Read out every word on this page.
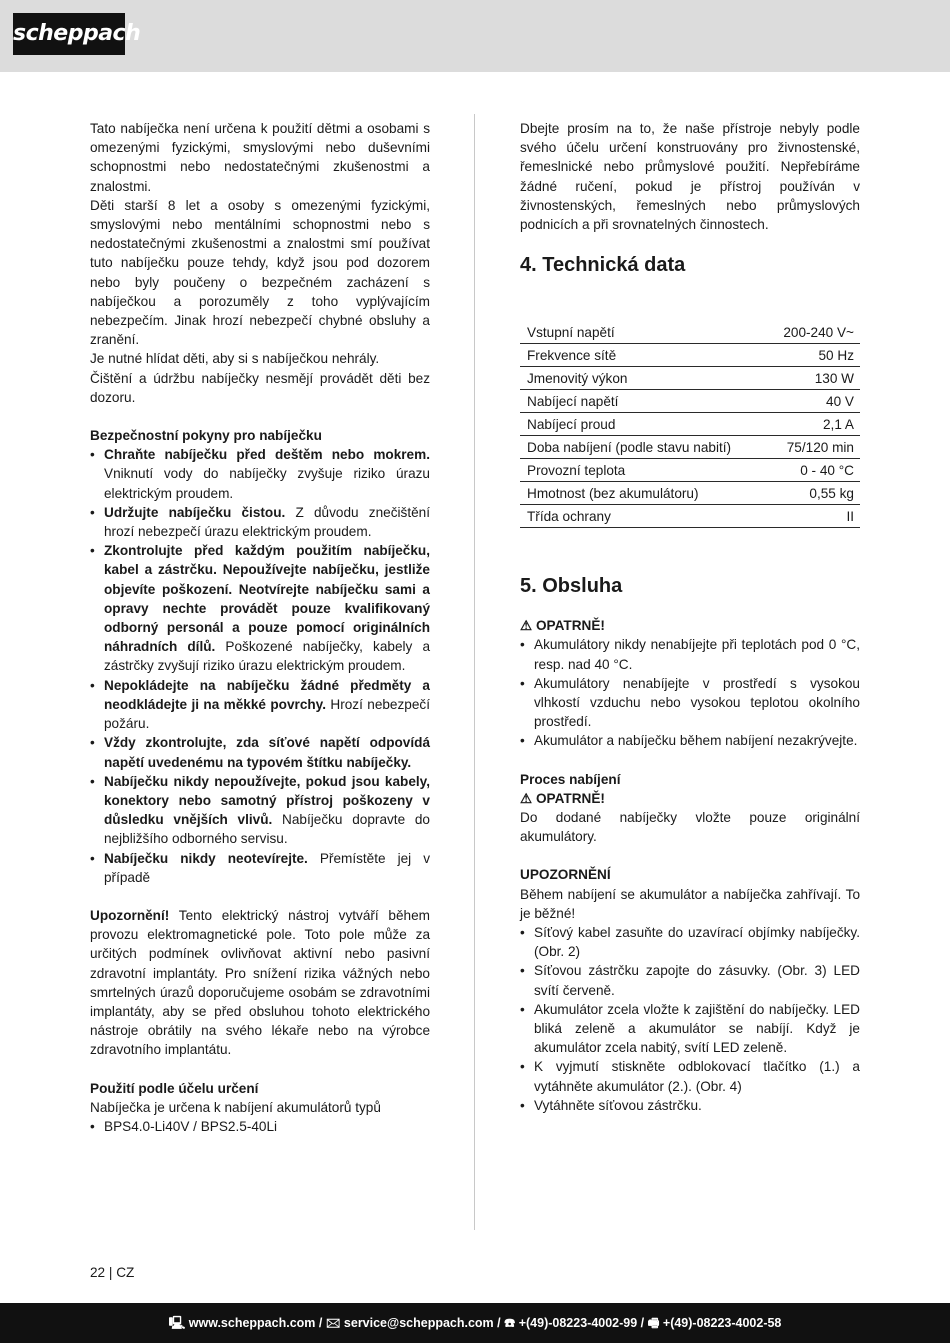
scheppach

Tato nabíječka není určena k použití dětmi a osobami s omezenými fyzickými, smyslovými nebo duševními schopnostmi nebo nedostatečnými zkušenostmi a znalostmi.

Děti starší 8 let a osoby s omezenými fyzickými, smyslovými nebo mentálními schopnostmi nebo s nedostatečnými zkušenostmi a znalostmi smí používat tuto nabíječku pouze tehdy, když jsou pod dozorem nebo byly poučeny o bezpečném zacházení s nabíječkou a porozuměly z toho vyplývajícím nebezpečím. Jinak hrozí nebezpečí chybné obsluhy a zranění.

Je nutné hlídat děti, aby si s nabíječkou nehrály.

Čištění a údržbu nabíječky nesmějí provádět děti bez dozoru.

Bezpečnostní pokyny pro nabíječku

• Chraňte nabíječku před deštěm nebo mokrem. Vniknutí vody do nabíječky zvyšuje riziko úrazu elektrickým proudem.
• Udržujte nabíječku čistou. Z důvodu znečištění hrozí nebezpečí úrazu elektrickým proudem.
• Zkontrolujte před každým použitím nabíječku, kabel a zástrčku. Nepoužívejte nabíječku, jestliže objevíte poškození. Neotvírejte nabíječku sami a opravy nechte provádět pouze kvalifikovaný odborný personál a pouze pomocí originálních náhradních dílů. Poškozené nabíječky, kabely a zástrčky zvyšují riziko úrazu elektrickým proudem.
• Nepokládejte na nabíječku žádné předměty a neodkládejte ji na měkké povrchy. Hrozí nebezpečí požáru.
• Vždy zkontrolujte, zda síťové napětí odpovídá napětí uvedenému na typovém štítku nabíječky.
• Nabíječku nikdy nepoužívejte, pokud jsou kabely, konektory nebo samotný přístroj poškozeny v důsledku vnějších vlivů. Nabíječku dopravte do nejbližšího odborného servisu.
• Nabíječku nikdy neotevírejte. Přemístěte jej v případě

Upozornění! Tento elektrický nástroj vytváří během provozu elektromagnetické pole. Toto pole může za určitých podmínek ovlivňovat aktivní nebo pasivní zdravotní implantáty. Pro snížení rizika vážných nebo smrtelných úrazů doporučujeme osobám se zdravotními implantáty, aby se před obsluhou tohoto elektrického nástroje obrátily na svého lékaře nebo na výrobce zdravotního implantátu.

Použití podle účelu určení

Nabíječka je určena k nabíjení akumulátorů typů

• BPS4.0-Li40V / BPS2.5-40Li

Dbejte prosím na to, že naše přístroje nebyly podle svého účelu určení konstruovány pro živnostenské, řemeslnické nebo průmyslové použití. Nepřebíráme žádné ručení, pokud je přístroj používán v živnostenských, řemeslných nebo průmyslových podnicích a při srovnatelných činnostech.

4. Technická data
Vstupní napětí	200-240 V~
Frekvence sítě	50 Hz
Jmenovitý výkon	130 W
Nabíjecí napětí	40 V
Nabíjecí proud	2,1 A
Doba nabíjení (podle stavu nabití)	75/120 min
Provozní teplota	0 - 40 °C
Hmotnost (bez akumulátoru)	0,55 kg
Třída ochrany	II
5. Obsluha

⚠ OPATRNĚ!

• Akumulátory nikdy nenabíjejte při teplotách pod 0 °C, resp. nad 40 °C.
• Akumulátory nenabíjejte v prostředí s vysokou vlhkostí vzduchu nebo vysokou teplotou okolního prostředí.
• Akumulátor a nabíječku během nabíjení nezakrývejte.

Proces nabíjení

⚠ OPATRNĚ!

Do dodané nabíječky vložte pouze originální akumulátory.

UPOZORNĚNÍ

Během nabíjení se akumulátor a nabíječka zahřívají. To je běžné!

• Síťový kabel zasuňte do uzavírací objímky nabíječky. (Obr. 2)
• Síťovou zástrčku zapojte do zásuvky. (Obr. 3) LED svítí červeně.
• Akumulátor zcela vložte k zajištění do nabíječky. LED bliká zeleně a akumulátor se nabíjí. Když je akumulátor zcela nabitý, svítí LED zeleně.
• K vyjmutí stiskněte odblokovací tlačítko (1.) a vytáhněte akumulátor (2.). (Obr. 4)
• Vytáhněte síťovou zástrčku.
22 | CZ
🖳 www.scheppach.com / 🖂 service@scheppach.com / ☎ +(49)-08223-4002-99 / 🖷 +(49)-08223-4002-58
